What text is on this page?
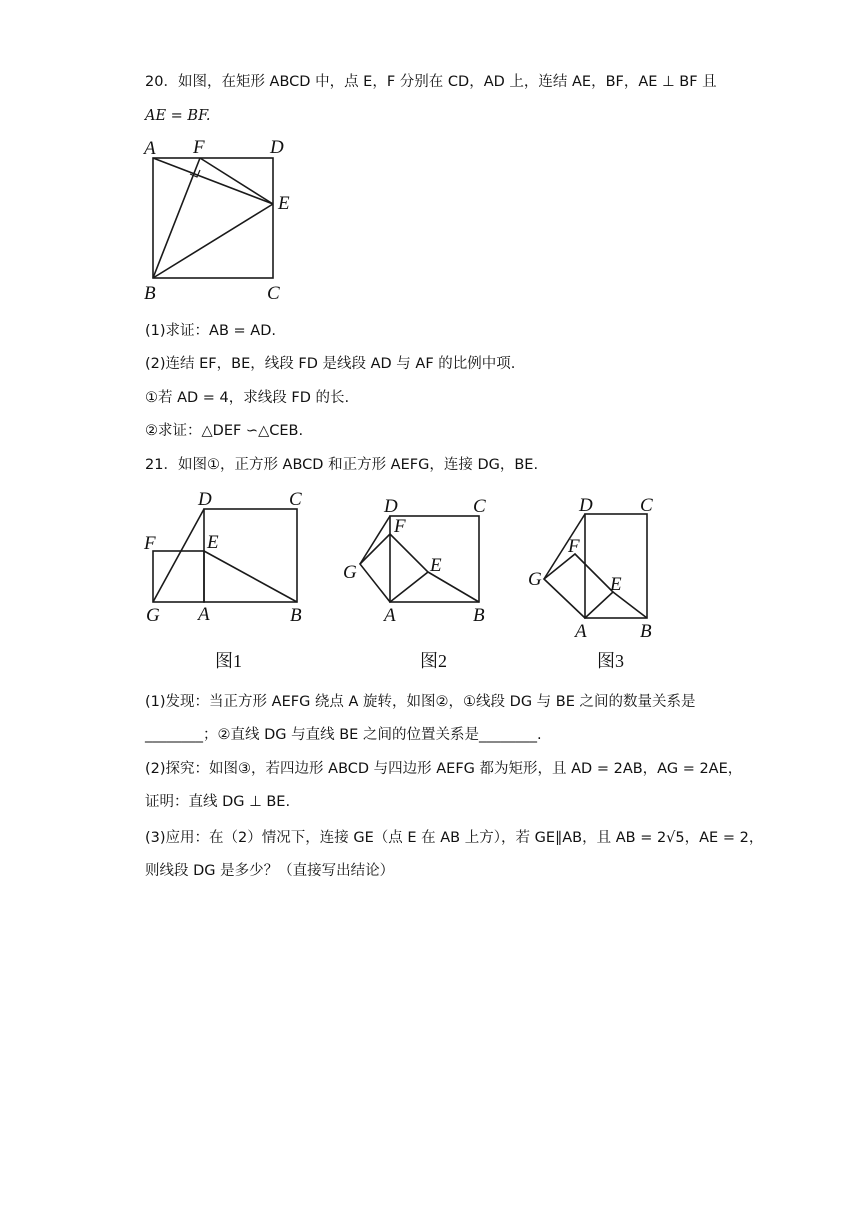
20．如图，在矩形 ABCD 中，点 E，F 分别在 CD，AD 上，连结 AE，BF，AE ⊥ BF 且
AE = BF.
A F	D
E
B	C
(1)求证：AB = AD.
(2)连结 EF，BE，线段 FD 是线段 AD 与 AF 的比例中项.
①若 AD = 4，求线段 FD 的长.
②求证：△DEF ∽△CEB.
21．如图①，正方形 ABCD 和正方形 AEFG，连接 DG，BE.
D	C
F	E
G A	B
图1
D	C
F
E
G
A	B
图2
D C
F
E
G
A	B
图3
(1)发现：当正方形 AEFG 绕点 A 旋转，如图②，①线段 DG 与 BE 之间的数量关系是
________；②直线 DG 与直线 BE 之间的位置关系是________.
(2)探究：如图③，若四边形 ABCD 与四边形 AEFG 都为矩形，且 AD = 2AB，AG = 2AE，
证明：直线 DG ⊥ BE.
(3)应用：在（2）情况下，连接 GE（点 E 在 AB 上方），若 GE∥AB，且 AB = 2√5，AE = 2，
则线段 DG 是多少？（直接写出结论）
